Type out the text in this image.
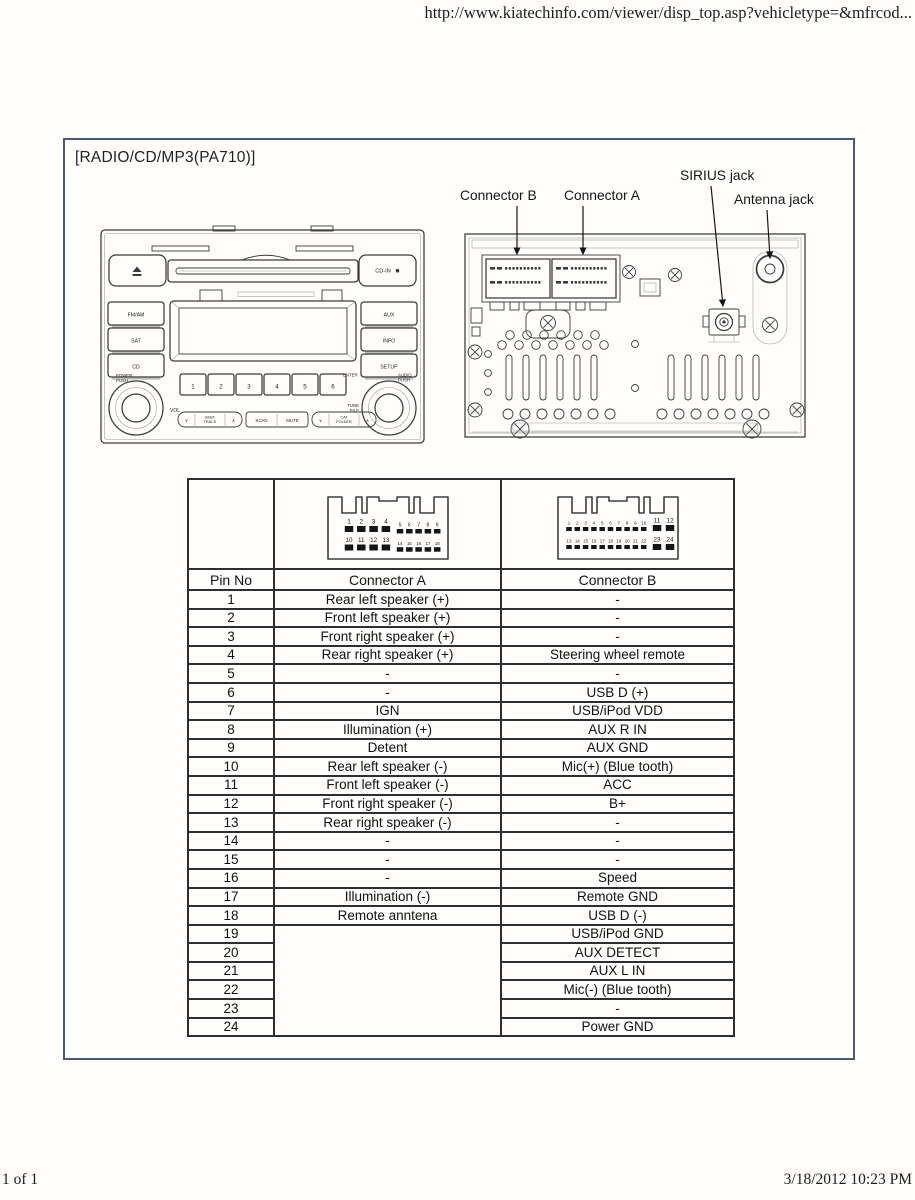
http://www.kiatechinfo.com/viewer/disp_top.asp?vehicletype=&mfrcod...
[RADIO/CD/MP3(PA710)]
CD-IN
FM/AM
SAT
CD
POWER
PUSH
VOL
AUX
INFO
SETUP
ENTER	AUDIO
PUSH
TUNE
FILE
1	2	3	4	5	6
∨
SEEK
TRACK	∧	SCAN	MUTE	∨
CAT
FOLDER	∧
Connector B Connector A
SIRIUS jack
Antenna jack

1 2 3 4 5 6 7 8 9
10 11 12 13 14 15 16 17 18

1 2 3 4 5 6 7 8 9 10 11 12
13 14 15 16 17 18 19 20 21 22 23 24

Pin No	Connector A	Connector B
1	Rear left speaker (+)	-
2	Front left speaker (+)	-
3	Front right speaker (+)	-
4	Rear right speaker (+)	Steering wheel remote
5	-	-
6	-	USB D (+)
7	IGN	USB/iPod VDD
8	Illumination (+)	AUX R IN
9	Detent	AUX GND
10	Rear left speaker (-)	Mic(+) (Blue tooth)
11	Front left speaker (-)	ACC
12	Front right speaker (-)	B+
13	Rear right speaker (-)	-
14	-	-
15	-	-
16	-	Speed
17	Illumination (-)	Remote GND
18	Remote anntena	USB D (-)
19		USB/iPod GND
20		AUX DETECT
21		AUX L IN
22		Mic(-) (Blue tooth)
23		-
24		Power GND
1 of 1	3/18/2012 10:23 PM
